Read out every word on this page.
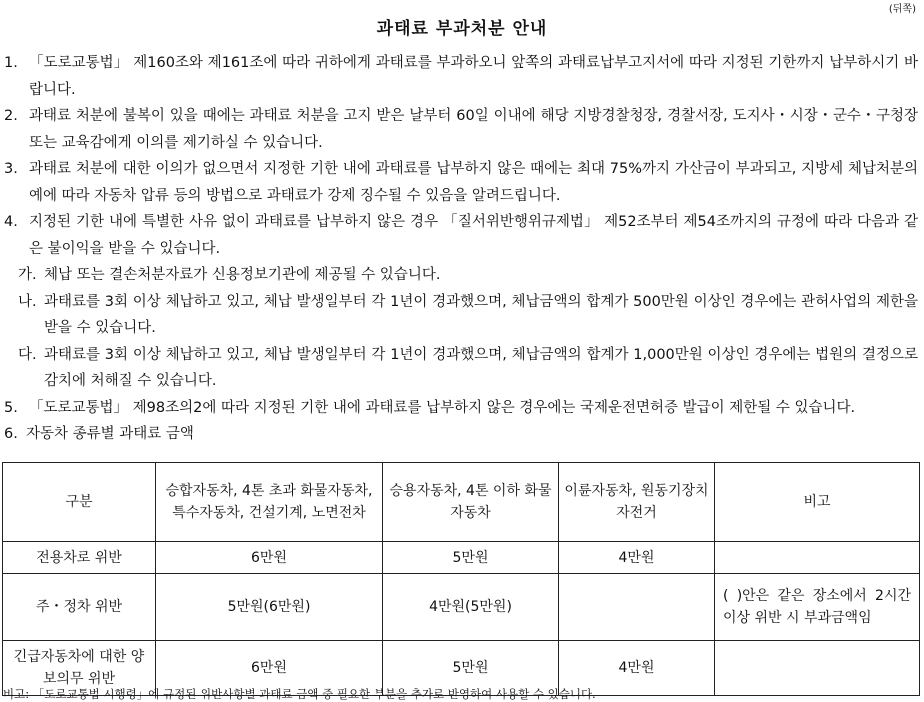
(뒤쪽)
과태료 부과처분 안내
1. 「도로교통법」 제160조와 제161조에 따라 귀하에게 과태료를 부과하오니 앞쪽의 과태료납부고지서에 따라 지정된 기한까지 납부하시기 바랍니다.
2. 과태료 처분에 불복이 있을 때에는 과태료 처분을 고지 받은 날부터 60일 이내에 해당 지방경찰청장, 경찰서장, 도지사・시장・군수・구청장 또는 교육감에게 이의를 제기하실 수 있습니다.
3. 과태료 처분에 대한 이의가 없으면서 지정한 기한 내에 과태료를 납부하지 않은 때에는 최대 75%까지 가산금이 부과되고, 지방세 체납처분의 예에 따라 자동차 압류 등의 방법으로 과태료가 강제 징수될 수 있음을 알려드립니다.
4. 지정된 기한 내에 특별한 사유 없이 과태료를 납부하지 않은 경우 「질서위반행위규제법」 제52조부터 제54조까지의 규정에 따라 다음과 같은 불이익을 받을 수 있습니다.
가. 체납 또는 결손처분자료가 신용정보기관에 제공될 수 있습니다.
나. 과태료를 3회 이상 체납하고 있고, 체납 발생일부터 각 1년이 경과했으며, 체납금액의 합계가 500만원 이상인 경우에는 관허사업의 제한을 받을 수 있습니다.
다. 과태료를 3회 이상 체납하고 있고, 체납 발생일부터 각 1년이 경과했으며, 체납금액의 합계가 1,000만원 이상인 경우에는 법원의 결정으로 감치에 처해질 수 있습니다.
5. 「도로교통법」 제98조의2에 따라 지정된 기한 내에 과태료를 납부하지 않은 경우에는 국제운전면허증 발급이 제한될 수 있습니다.
6. 자동차 종류별 과태료 금액
구분	승합자동차, 4톤 초과 화물자동차, 특수자동차, 건설기계, 노면전차	승용자동차, 4톤 이하 화물자동차	이륜자동차, 원동기장치자전거	비고
전용차로 위반	6만원	5만원	4만원	
주・정차 위반	5만원(6만원)	4만원(5만원)		( )안은 같은 장소에서 2시간 이상 위반 시 부과금액임
긴급자동차에 대한 양보의무 위반	6만원	5만원	4만원	
비고: 「도로교통법 시행령」에 규정된 위반사항별 과태료 금액 중 필요한 부분을 추가로 반영하여 사용할 수 있습니다.
